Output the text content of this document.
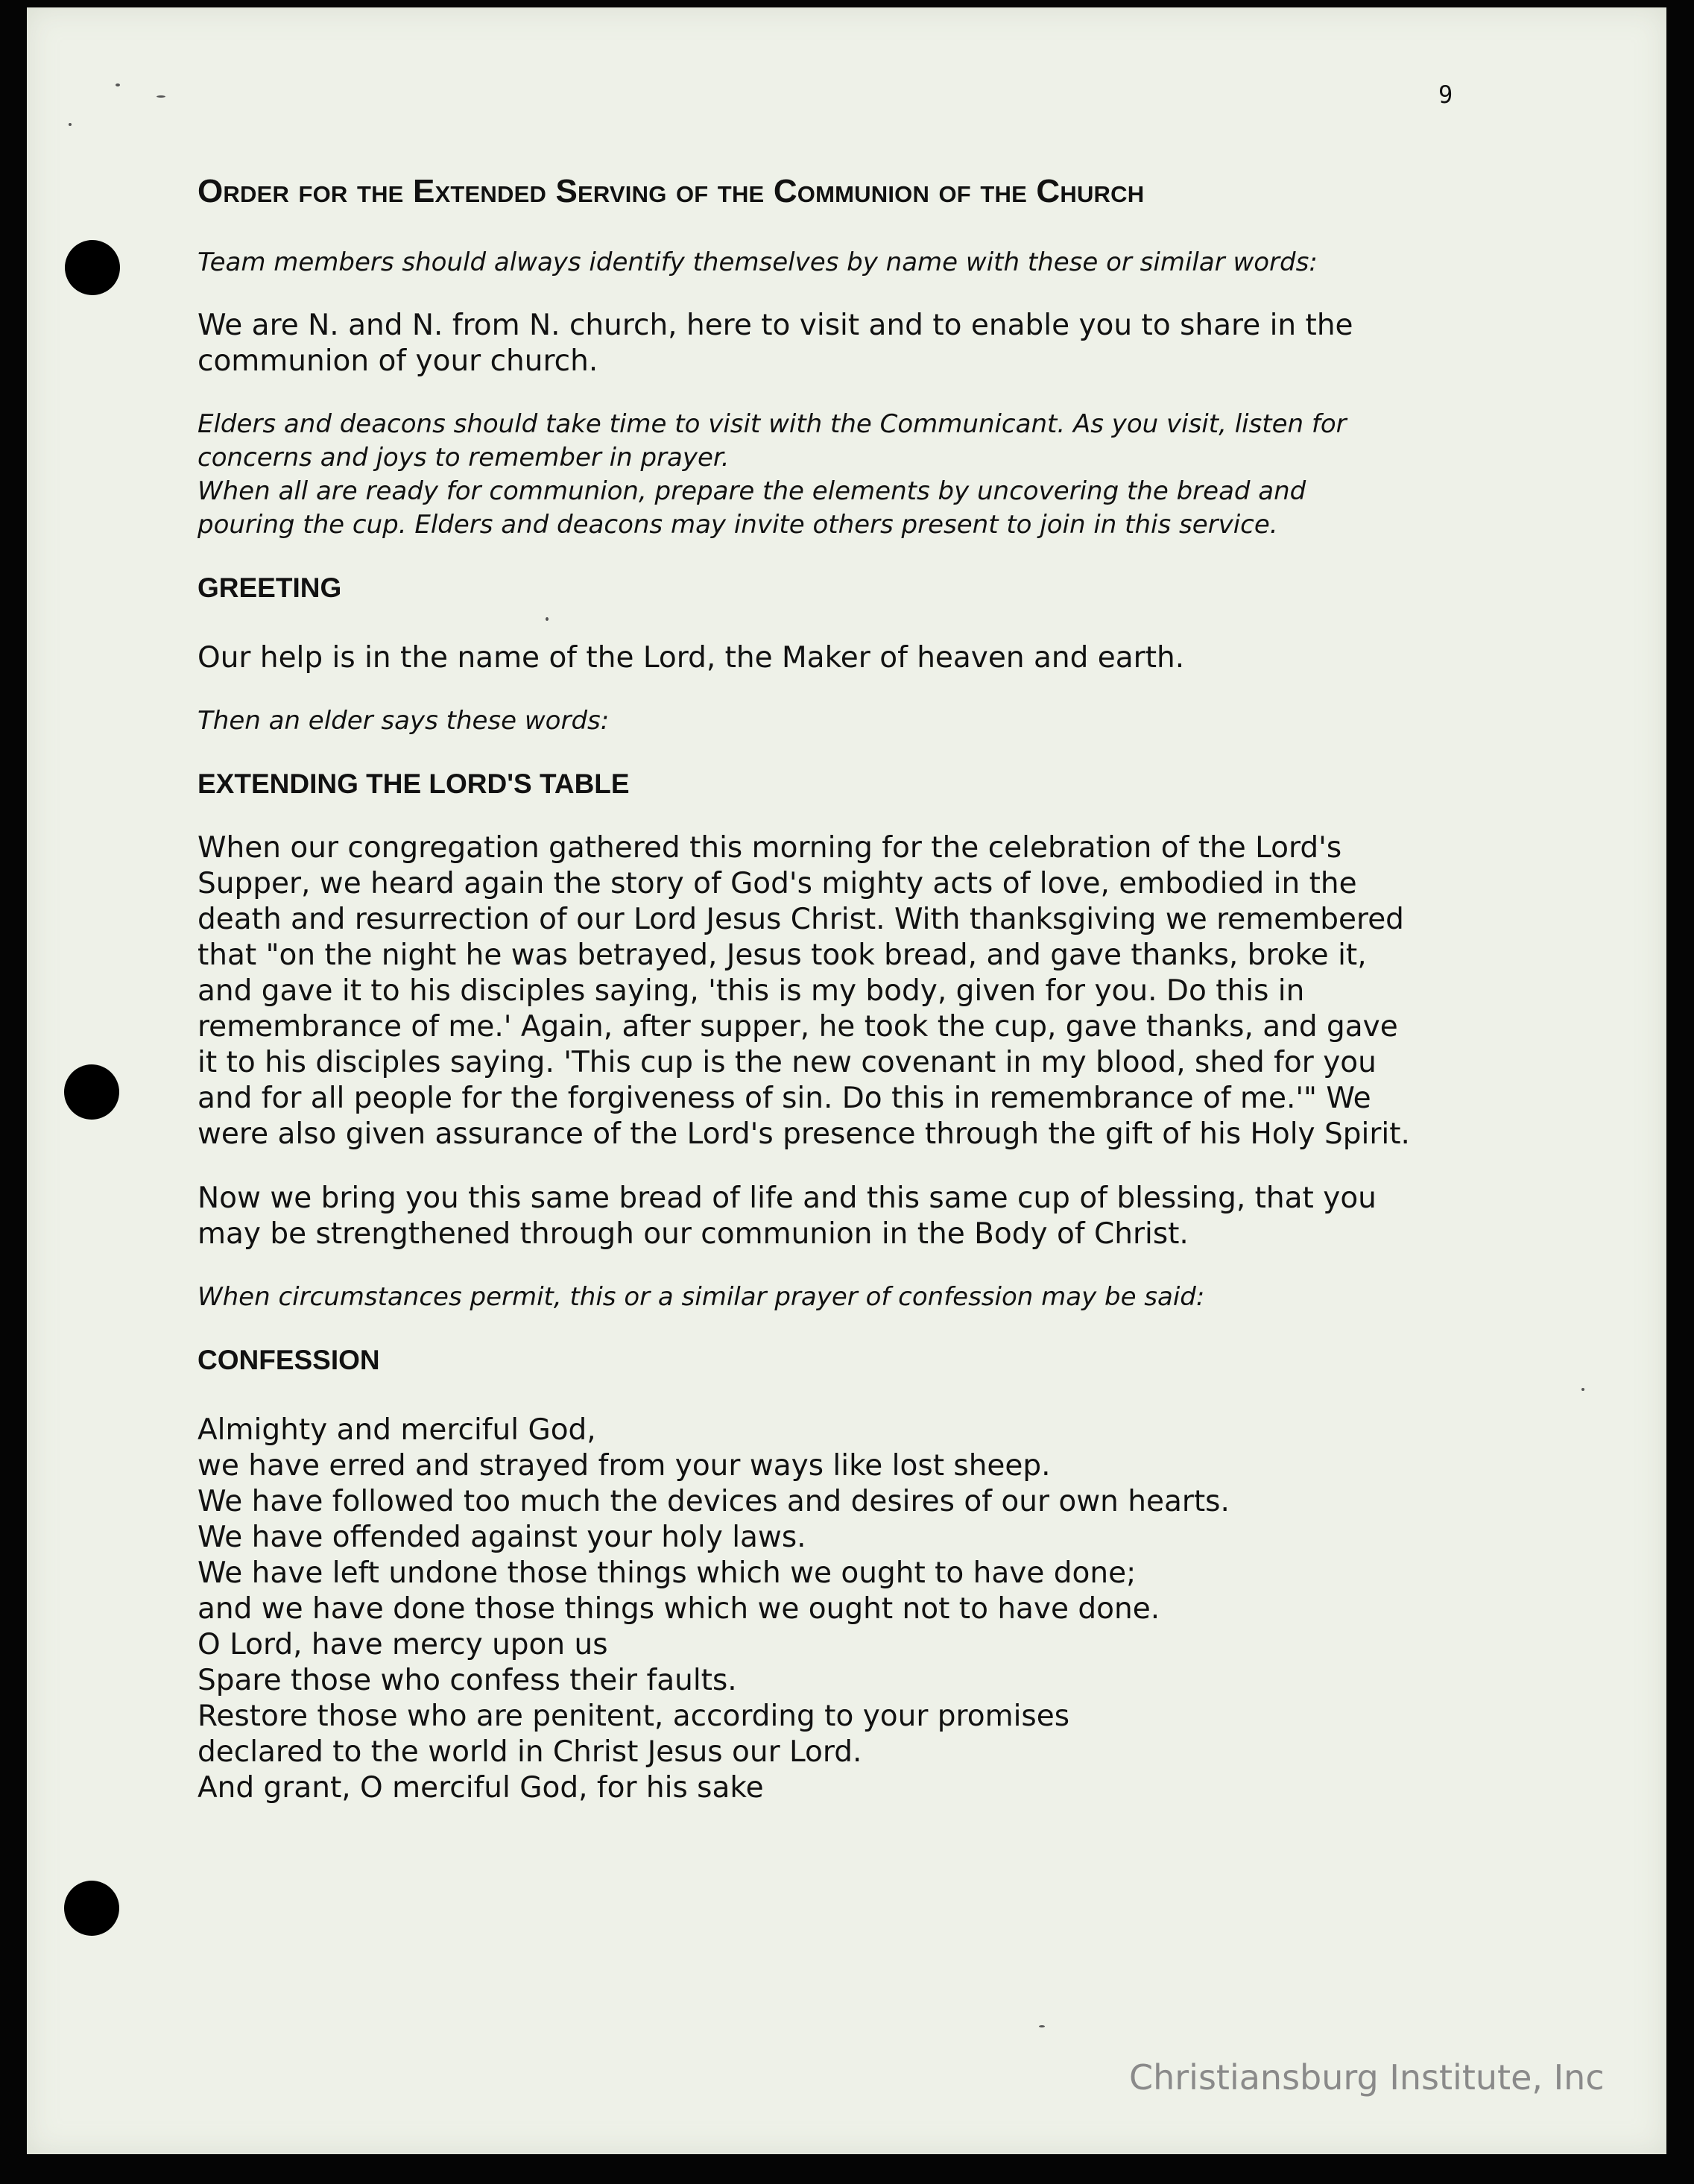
9
Order for the Extended Serving of the Communion of the Church

Team members should always identify themselves by name with these or similar words:

We are N. and N. from N. church, here to visit and to enable you to share in the

communion of your church.

Elders and deacons should take time to visit with the Communicant. As you visit, listen for

concerns and joys to remember in prayer.

When all are ready for communion, prepare the elements by uncovering the bread and

pouring the cup. Elders and deacons may invite others present to join in this service.

GREETING

Our help is in the name of the Lord, the Maker of heaven and earth.

Then an elder says these words:

EXTENDING THE LORD'S TABLE

When our congregation gathered this morning for the celebration of the Lord's

Supper, we heard again the story of God's mighty acts of love, embodied in the

death and resurrection of our Lord Jesus Christ. With thanksgiving we remembered

that "on the night he was betrayed, Jesus took bread, and gave thanks, broke it,

and gave it to his disciples saying, 'this is my body, given for you. Do this in

remembrance of me.' Again, after supper, he took the cup, gave thanks, and gave

it to his disciples saying. 'This cup is the new covenant in my blood, shed for you

and for all people for the forgiveness of sin. Do this in remembrance of me.'" We

were also given assurance of the Lord's presence through the gift of his Holy Spirit.

Now we bring you this same bread of life and this same cup of blessing, that you

may be strengthened through our communion in the Body of Christ.

When circumstances permit, this or a similar prayer of confession may be said:

CONFESSION

Almighty and merciful God,

we have erred and strayed from your ways like lost sheep.

We have followed too much the devices and desires of our own hearts.

We have offended against your holy laws.

We have left undone those things which we ought to have done;

and we have done those things which we ought not to have done.

O Lord, have mercy upon us

Spare those who confess their faults.

Restore those who are penitent, according to your promises

declared to the world in Christ Jesus our Lord.

And grant, O merciful God, for his sake

Christiansburg Institute, Inc
